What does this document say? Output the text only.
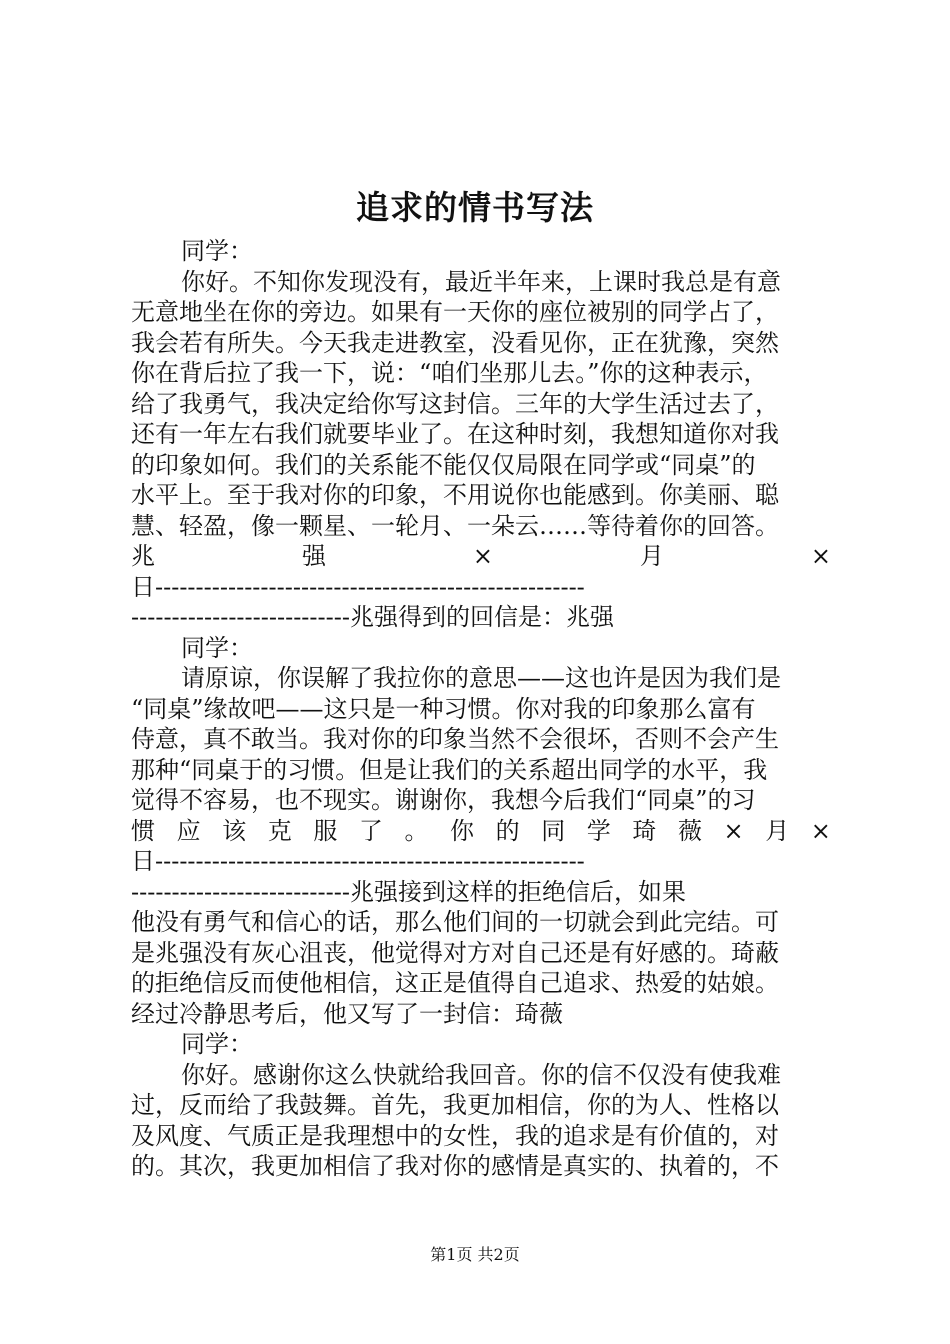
追求的情书写法
同学：
你好。不知你发现没有，最近半年来，上课时我总是有意
无意地坐在你的旁边。如果有一天你的座位被别的同学占了，
我会若有所失。今天我走进教室，没看见你，正在犹豫，突然
你在背后拉了我一下，说：“咱们坐那儿去。”你的这种表示，
给了我勇气，我决定给你写这封信。三年的大学生活过去了，
还有一年左右我们就要毕业了。在这种时刻，我想知道你对我
的印象如何。我们的关系能不能仅仅局限在同学或“同桌”的
水平上。至于我对你的印象，不用说你也能感到。你美丽、聪
慧、轻盈，像一颗星、一轮月、一朵云……等待着你的回答。
兆	强	×	月	×
日-----------------------------------------------------
---------------------------兆强得到的回信是：兆强
同学：
请原谅，你误解了我拉你的意思——这也许是因为我们是
“同桌”缘故吧——这只是一种习惯。你对我的印象那么富有
侍意，真不敢当。我对你的印象当然不会很坏，否则不会产生
那种“同桌于的习惯。但是让我们的关系超出同学的水平，我
觉得不容易，也不现实。谢谢你，我想今后我们“同桌”的习
惯 应 该 克 服 了 。 你 的 同 学 琦 薇 × 月 ×
日-----------------------------------------------------
---------------------------兆强接到这样的拒绝信后，如果
他没有勇气和信心的话，那么他们间的一切就会到此完结。可
是兆强没有灰心沮丧，他觉得对方对自己还是有好感的。琦蔽
的拒绝信反而使他相信，这正是值得自己追求、热爱的姑娘。
经过冷静思考后，他又写了一封信：琦薇
同学：
你好。感谢你这么快就给我回音。你的信不仅没有使我难
过，反而给了我鼓舞。首先，我更加相信，你的为人、性格以
及风度、气质正是我理想中的女性，我的追求是有价值的，对
的。其次，我更加相信了我对你的感情是真实的、执着的，不
第1页 共2页
